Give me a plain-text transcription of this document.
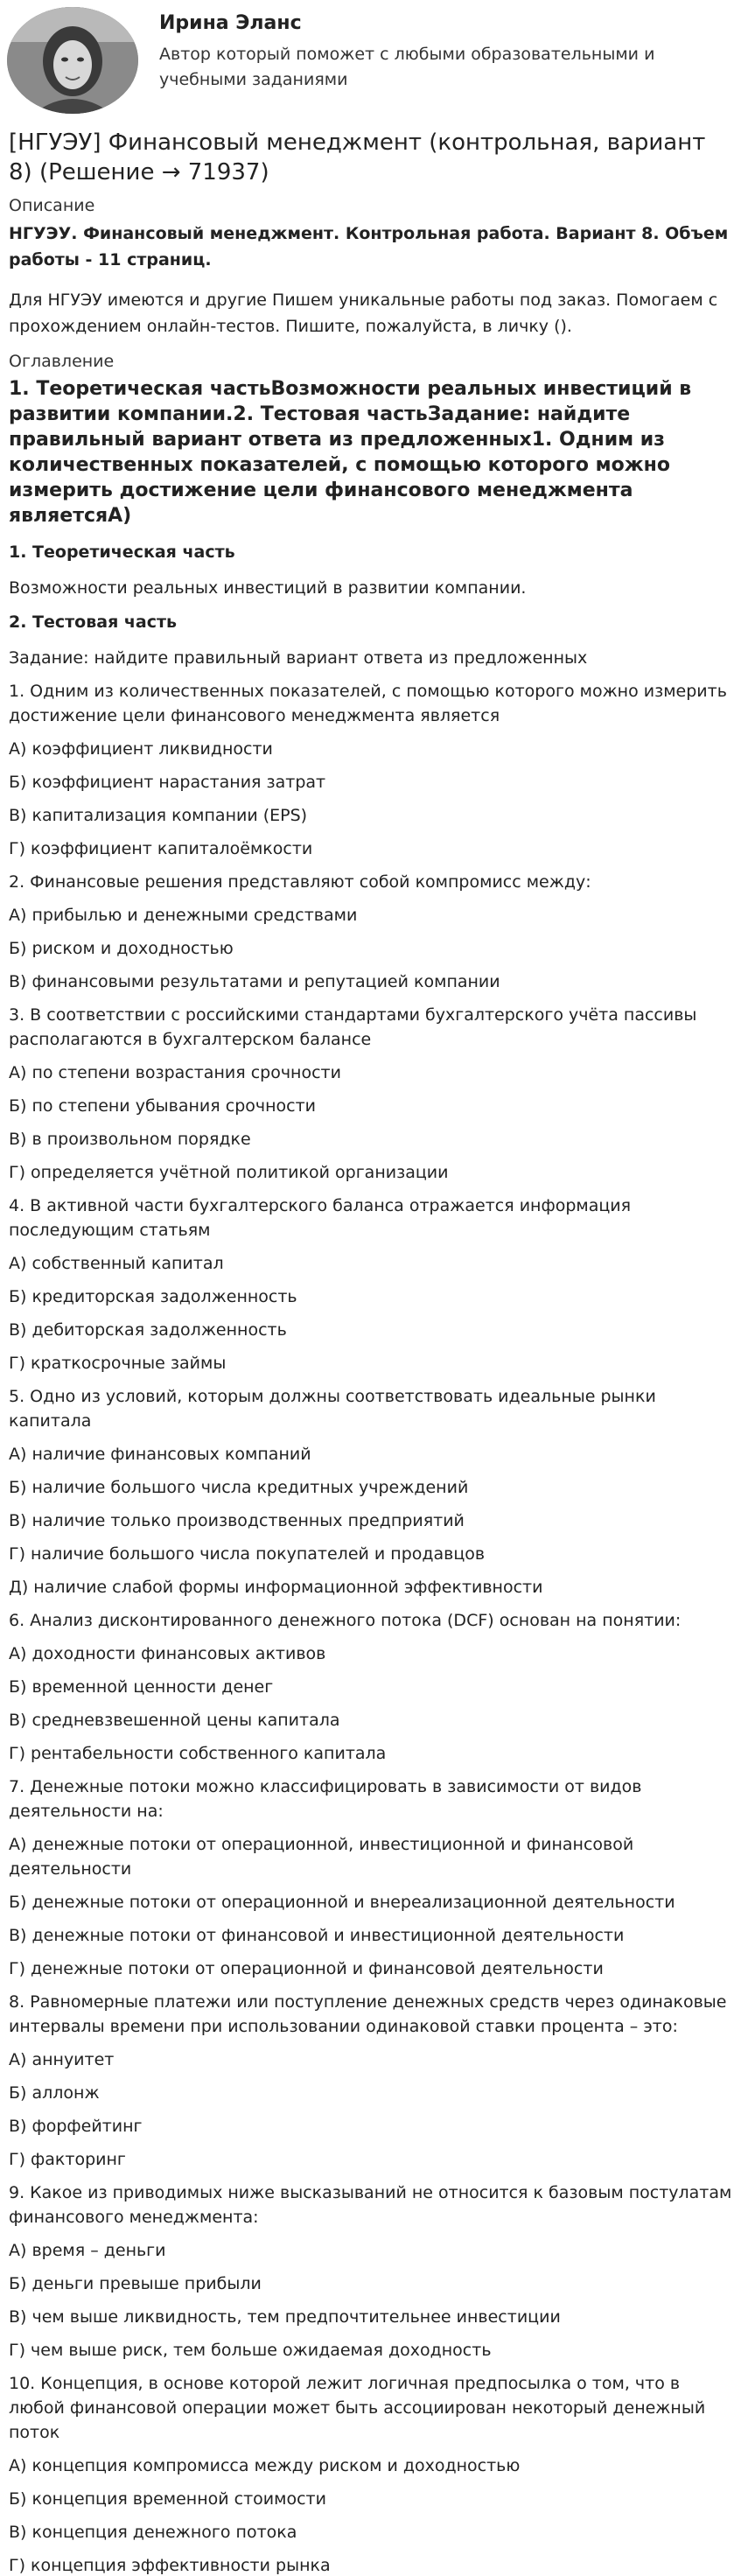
Ирина Эланс

Автор который поможет с любыми образовательными и учебными заданиями

[НГУЭУ] Финансовый менеджмент (контрольная, вариант 8) (Решение → 71937)
Описание

НГУЭУ. Финансовый менеджмент. Контрольная работа. Вариант 8. Объем работы - 11 страниц.

Для НГУЭУ имеются и другие Пишем уникальные работы под заказ. Помогаем с прохождением онлайн-тестов. Пишите, пожалуйста, в личку ().

Оглавление

1. Теоретическая частьВозможности реальных инвестиций в развитии компании.2. Тестовая частьЗадание: найдите правильный вариант ответа из предложенных1. Одним из количественных показателей, с помощью которого можно измерить достижение цели финансового менеджмента являетсяА)

1. Теоретическая часть

Возможности реальных инвестиций в развитии компании.

2. Тестовая часть

Задание: найдите правильный вариант ответа из предложенных

1. Одним из количественных показателей, с помощью которого можно измерить достижение цели финансового менеджмента является

А) коэффициент ликвидности

Б) коэффициент нарастания затрат

В) капитализация компании (EPS)

Г) коэффициент капиталоёмкости

2. Финансовые решения представляют собой компромисс между:

А) прибылью и денежными средствами

Б) риском и доходностью

В) финансовыми результатами и репутацией компании

3. В соответствии с российскими стандартами бухгалтерского учёта пассивы располагаются в бухгалтерском балансе

А) по степени возрастания срочности

Б) по степени убывания срочности

В) в произвольном порядке

Г) определяется учётной политикой организации

4. В активной части бухгалтерского баланса отражается информация последующим статьям

А) собственный капитал

Б) кредиторская задолженность

В) дебиторская задолженность

Г) краткосрочные займы

5. Одно из условий, которым должны соответствовать идеальные рынки капитала

А) наличие финансовых компаний

Б) наличие большого числа кредитных учреждений

В) наличие только производственных предприятий

Г) наличие большого числа покупателей и продавцов

Д) наличие слабой формы информационной эффективности

6. Анализ дисконтированного денежного потока (DCF) основан на понятии:

А) доходности финансовых активов

Б) временной ценности денег

В) средневзвешенной цены капитала

Г) рентабельности собственного капитала

7. Денежные потоки можно классифицировать в зависимости от видов деятельности на:

А) денежные потоки от операционной, инвестиционной и финансовой деятельности

Б) денежные потоки от операционной и внереализационной деятельности

В) денежные потоки от финансовой и инвестиционной деятельности

Г) денежные потоки от операционной и финансовой деятельности

8. Равномерные платежи или поступление денежных средств через одинаковые интервалы времени при использовании одинаковой ставки процента – это:

А) аннуитет

Б) аллонж

В) форфейтинг

Г) факторинг

9. Какое из приводимых ниже высказываний не относится к базовым постулатам финансового менеджмента:

А) время – деньги

Б) деньги превыше прибыли

В) чем выше ликвидность, тем предпочтительнее инвестиции

Г) чем выше риск, тем больше ожидаемая доходность

10. Концепция, в основе которой лежит логичная предпосылка о том, что в любой финансовой операции может быть ассоциирован некоторый денежный поток

А) концепция компромисса между риском и доходностью

Б) концепция временной стоимости

В) концепция денежного потока

Г) концепция эффективности рынка
